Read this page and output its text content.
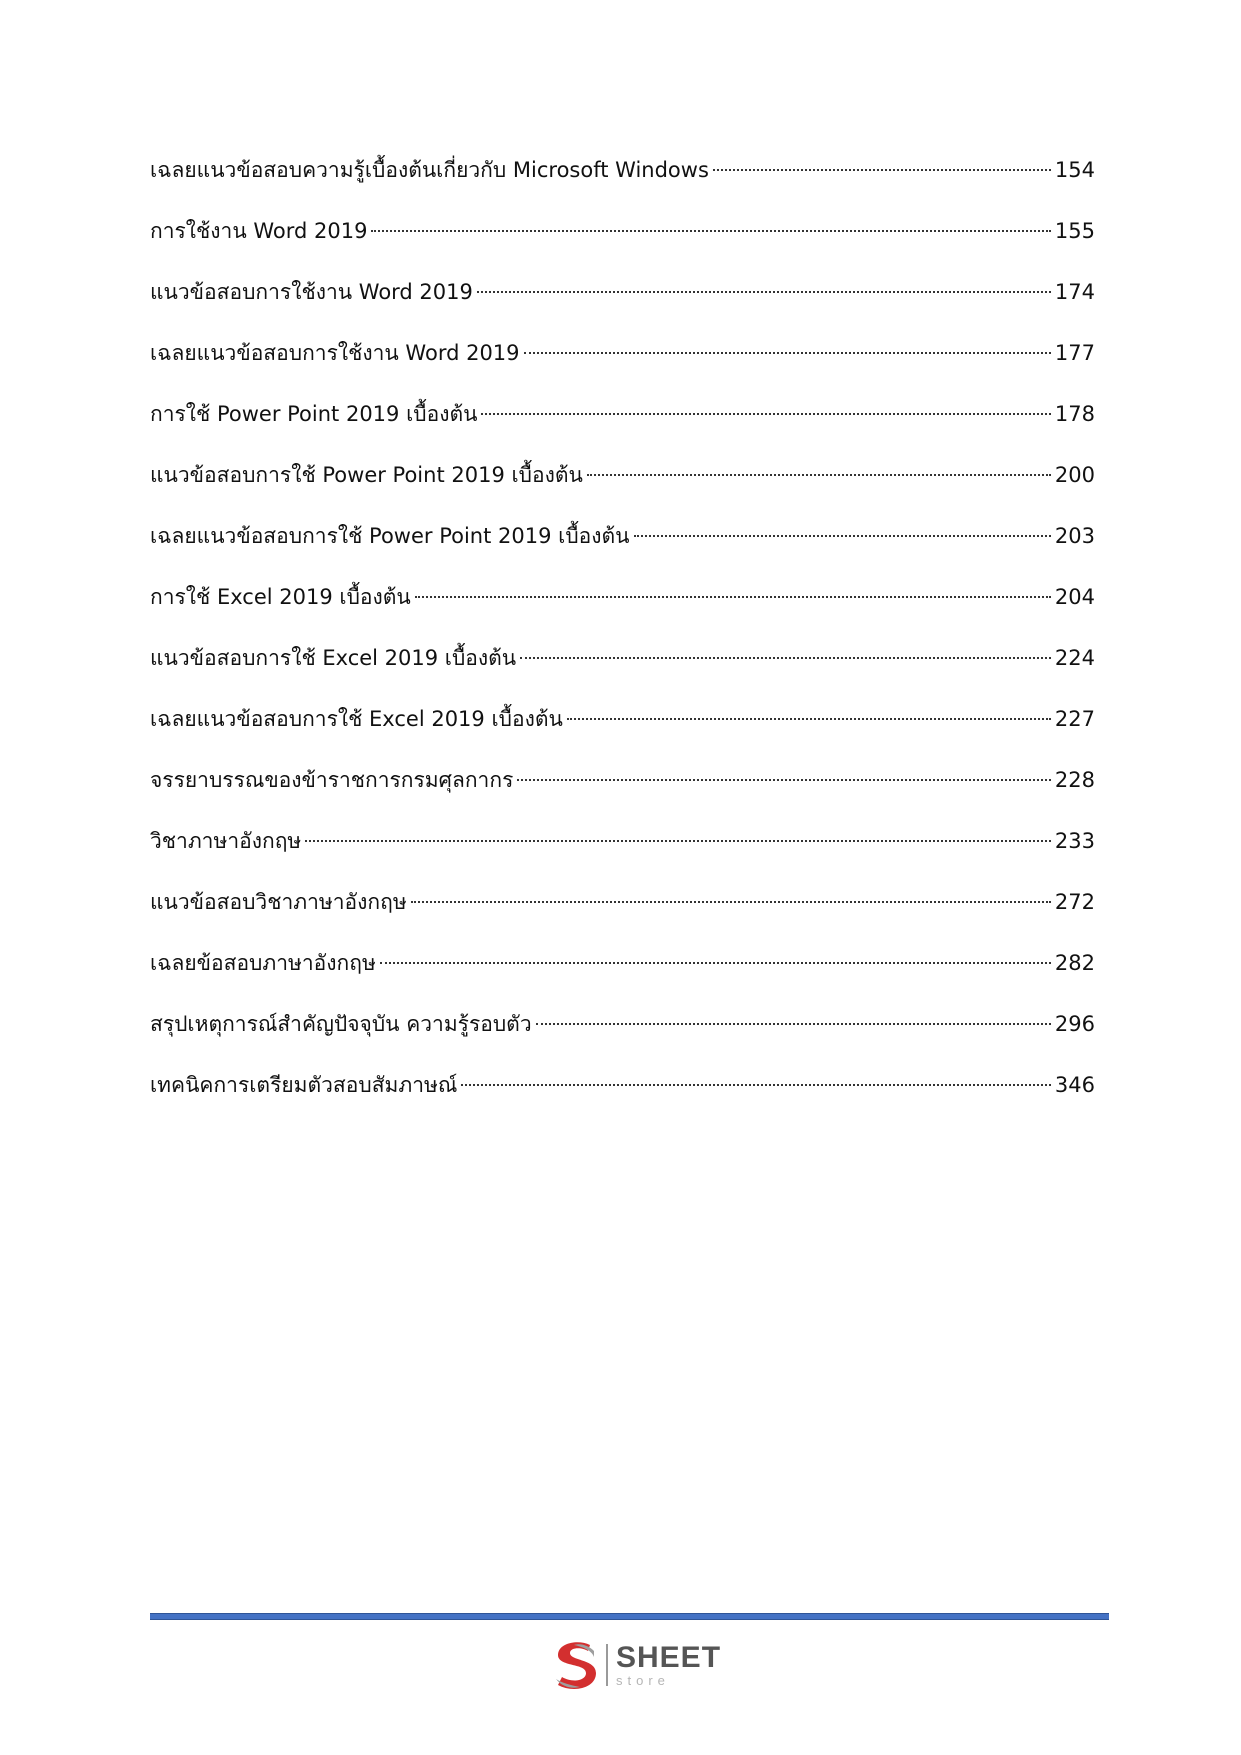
เฉลยแนวข้อสอบความรู้เบื้องต้นเกี่ยวกับ Microsoft Windows	154
การใช้งาน Word 2019	155
แนวข้อสอบการใช้งาน Word 2019	174
เฉลยแนวข้อสอบการใช้งาน Word 2019	177
การใช้ Power Point 2019 เบื้องต้น	178
แนวข้อสอบการใช้ Power Point 2019 เบื้องต้น	200
เฉลยแนวข้อสอบการใช้ Power Point 2019 เบื้องต้น	203
การใช้ Excel 2019 เบื้องต้น	204
แนวข้อสอบการใช้ Excel 2019 เบื้องต้น	224
เฉลยแนวข้อสอบการใช้ Excel 2019 เบื้องต้น	227
จรรยาบรรณของข้าราชการกรมศุลกากร	228
วิชาภาษาอังกฤษ	233
แนวข้อสอบวิชาภาษาอังกฤษ	272
เฉลยข้อสอบภาษาอังกฤษ	282
สรุปเหตุการณ์สำคัญปัจจุบัน ความรู้รอบตัว	296
เทคนิคการเตรียมตัวสอบสัมภาษณ์	346
SHEET
store
